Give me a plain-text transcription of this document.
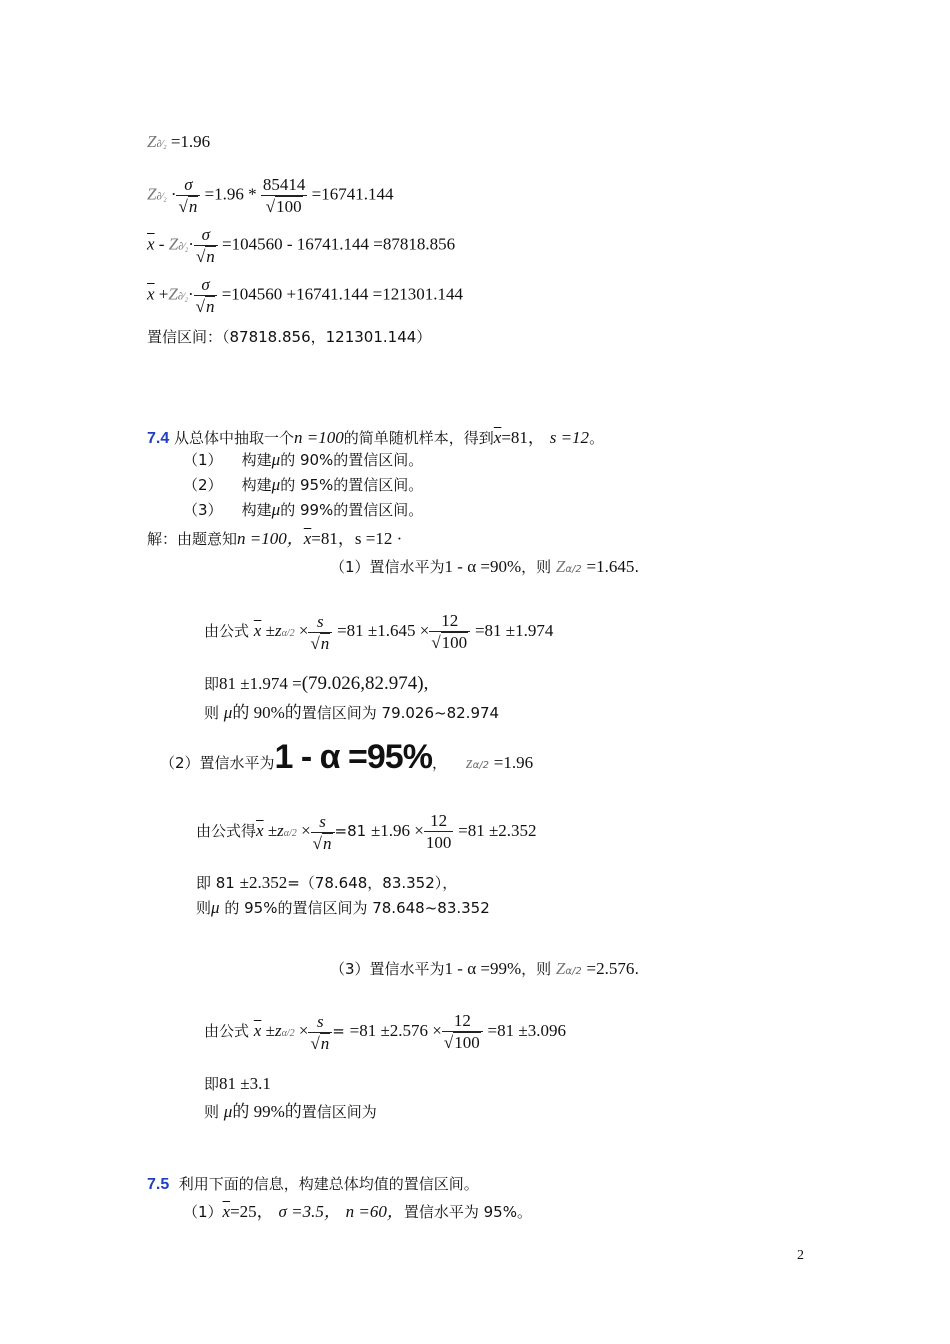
Z∂⁄₂ =1.96
Z∂⁄₂ · $\frac{\sigma}{√n} =1.96 * \frac{85414}{√100} =16741.144$
$\overline{x}$ - Z∂⁄₂· $\frac{\sigma}{√n} =104560 - 16741.144 =87818.856$
$\overline{x}$ +Z∂⁄₂· $\frac{\sigma}{√n} =104560 +16741.144 =121301.144$
置信区间：（87818.856，121301.144）
7.4 从总体中抽取一个n =100的简单随机样本，得到$\overline{x}=81$， s =12。
（1） 构建μ的 90%的置信区间。
（2） 构建μ的 95%的置信区间。
（3） 构建μ的 99%的置信区间。
解：由题意知n =100，$\overline{x}=81$，s =12 ·
（1）置信水平为1 - α =90%，则 Zα/2 =1.645.
由公式 $\overline{x} \pm z\alpha/2 \times \frac{s}{√n} =81 \pm 1.645 \times \frac{12}{√100} =81 \pm 1.974$
即81 ±1.974 =(79.026,82.974),
则 μ的 90%的置信区间为 79.026~82.974
（2）置信水平为1 - α =95%， zα/2 =1.96
由公式得$\overline{x} \pm z\alpha/2 \times \frac{s}{√n} =81 \pm 1.96 \times \frac{12}{100} =81 \pm 2.352$
即 81 ±2.352=（78.648，83.352），
则μ 的 95%的置信区间为 78.648~83.352
（3）置信水平为1 - α =99%，则 Zα/2 =2.576.
由公式 $\overline{x} \pm z\alpha/2 \times \frac{s}{√n} = =81 \pm 2.576 \times \frac{12}{√100} =81 \pm 3.096$
即81 ±3.1
则 μ的 99%的置信区间为
7.5 利用下面的信息，构建总体均值的置信区间。
$(1)\overline{x}=25$， σ =3.5， n =60，置信水平为 95%。
2
